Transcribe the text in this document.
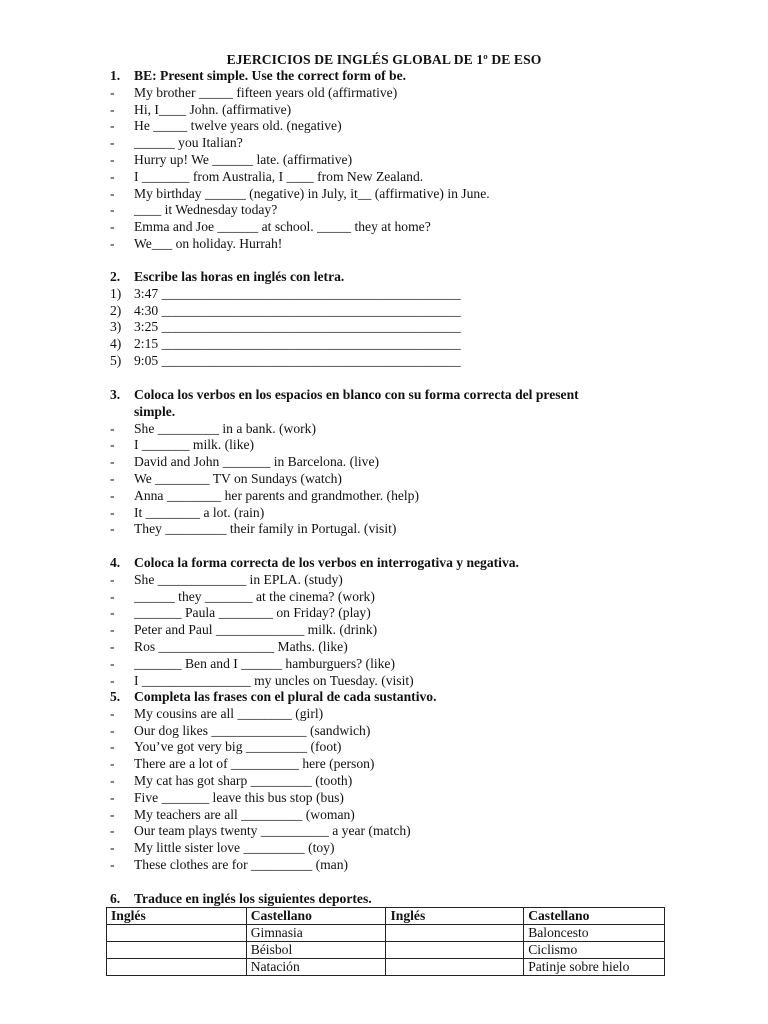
EJERCICIOS DE INGLÉS GLOBAL DE 1º DE ESO
1. BE: Present simple. Use the correct form of be.
- My brother _____ fifteen years old (affirmative)
- Hi, I____ John. (affirmative)
- He _____ twelve years old. (negative)
- ______ you Italian?
- Hurry up! We ______ late. (affirmative)
- I _______ from Australia, I ____ from New Zealand.
- My birthday ______ (negative) in July, it__ (affirmative) in June.
- ____ it Wednesday today?
- Emma and Joe ______ at school. _____ they at home?
- We___ on holiday. Hurrah!
2. Escribe las horas en inglés con letra.
1) 3:47 ____________________________________________
2) 4:30 ____________________________________________
3) 3:25 ____________________________________________
4) 2:15 ____________________________________________
5) 9:05 ____________________________________________
3. Coloca los verbos en los espacios en blanco con su forma correcta del present
simple.
- She _________ in a bank. (work)
- I _______ milk. (like)
- David and John _______ in Barcelona. (live)
- We ________ TV on Sundays (watch)
- Anna ________ her parents and grandmother. (help)
- It ________ a lot. (rain)
- They _________ their family in Portugal. (visit)
4. Coloca la forma correcta de los verbos en interrogativa y negativa.
- She _____________ in EPLA. (study)
- ______ they _______ at the cinema? (work)
- _______ Paula ________ on Friday? (play)
- Peter and Paul _____________ milk. (drink)
- Ros _________________ Maths. (like)
- _______ Ben and I ______ hamburguers? (like)
- I ________________ my uncles on Tuesday. (visit)
5. Completa las frases con el plural de cada sustantivo.
- My cousins are all ________ (girl)
- Our dog likes ______________ (sandwich)
- You’ve got very big _________ (foot)
- There are a lot of __________ here (person)
- My cat has got sharp _________ (tooth)
- Five _______ leave this bus stop (bus)
- My teachers are all _________ (woman)
- Our team plays twenty __________ a year (match)
- My little sister love _________ (toy)
- These clothes are for _________ (man)
6. Traduce en inglés los siguientes deportes.
Inglés	Castellano	Inglés	Castellano
	Gimnasia		Baloncesto
	Béisbol		Ciclismo
	Natación		Patinje sobre hielo
